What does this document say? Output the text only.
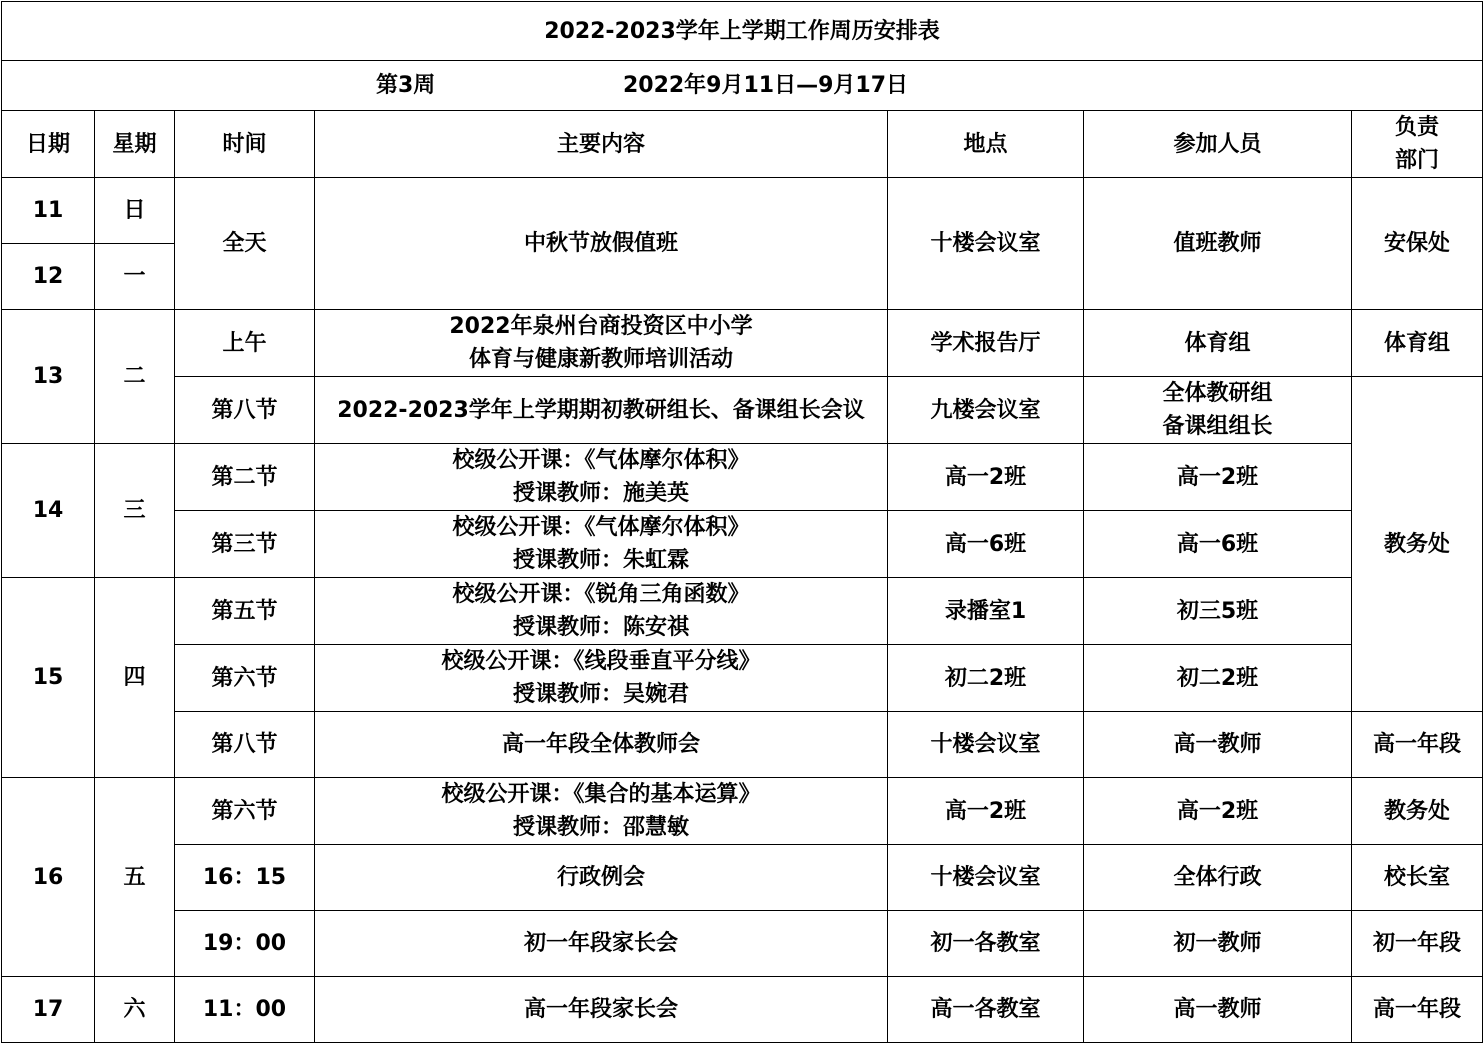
2022-2023学年上学期工作周历安排表						
第3周 2022年9月11日—9月17日						
日期	星期	时间	主要内容	地点	参加人员	负责
部门

11	日	全天	中秋节放假值班	十楼会议室	值班教师	安保处
12	一					
13	二	上午	2022年泉州台商投资区中小学
体育与健康新教师培训活动	学术报告厅	体育组	体育组
		第八节	2022-2023学年上学期期初教研组长、备课组长会议	九楼会议室	全体教研组
备课组组长	教务处
14	三	第二节	校级公开课：《气体摩尔体积》
授课教师：施美英	高一2班	高一2班	
		第三节	校级公开课：《气体摩尔体积》
授课教师：朱虹霖	高一6班	高一6班	
15	四	第五节	校级公开课：《锐角三角函数》
授课教师：陈安祺	录播室1	初三5班	
		第六节	校级公开课：《线段垂直平分线》
授课教师：吴婉君	初二2班	初二2班	
		第八节	高一年段全体教师会	十楼会议室	高一教师	高一年段
16	五	第六节	校级公开课：《集合的基本运算》
授课教师：邵慧敏	高一2班	高一2班	教务处
		16：15	行政例会	十楼会议室	全体行政	校长室
		19：00	初一年段家长会	初一各教室	初一教师	初一年段
17	六	11：00	高一年段家长会	高一各教室	高一教师	高一年段
